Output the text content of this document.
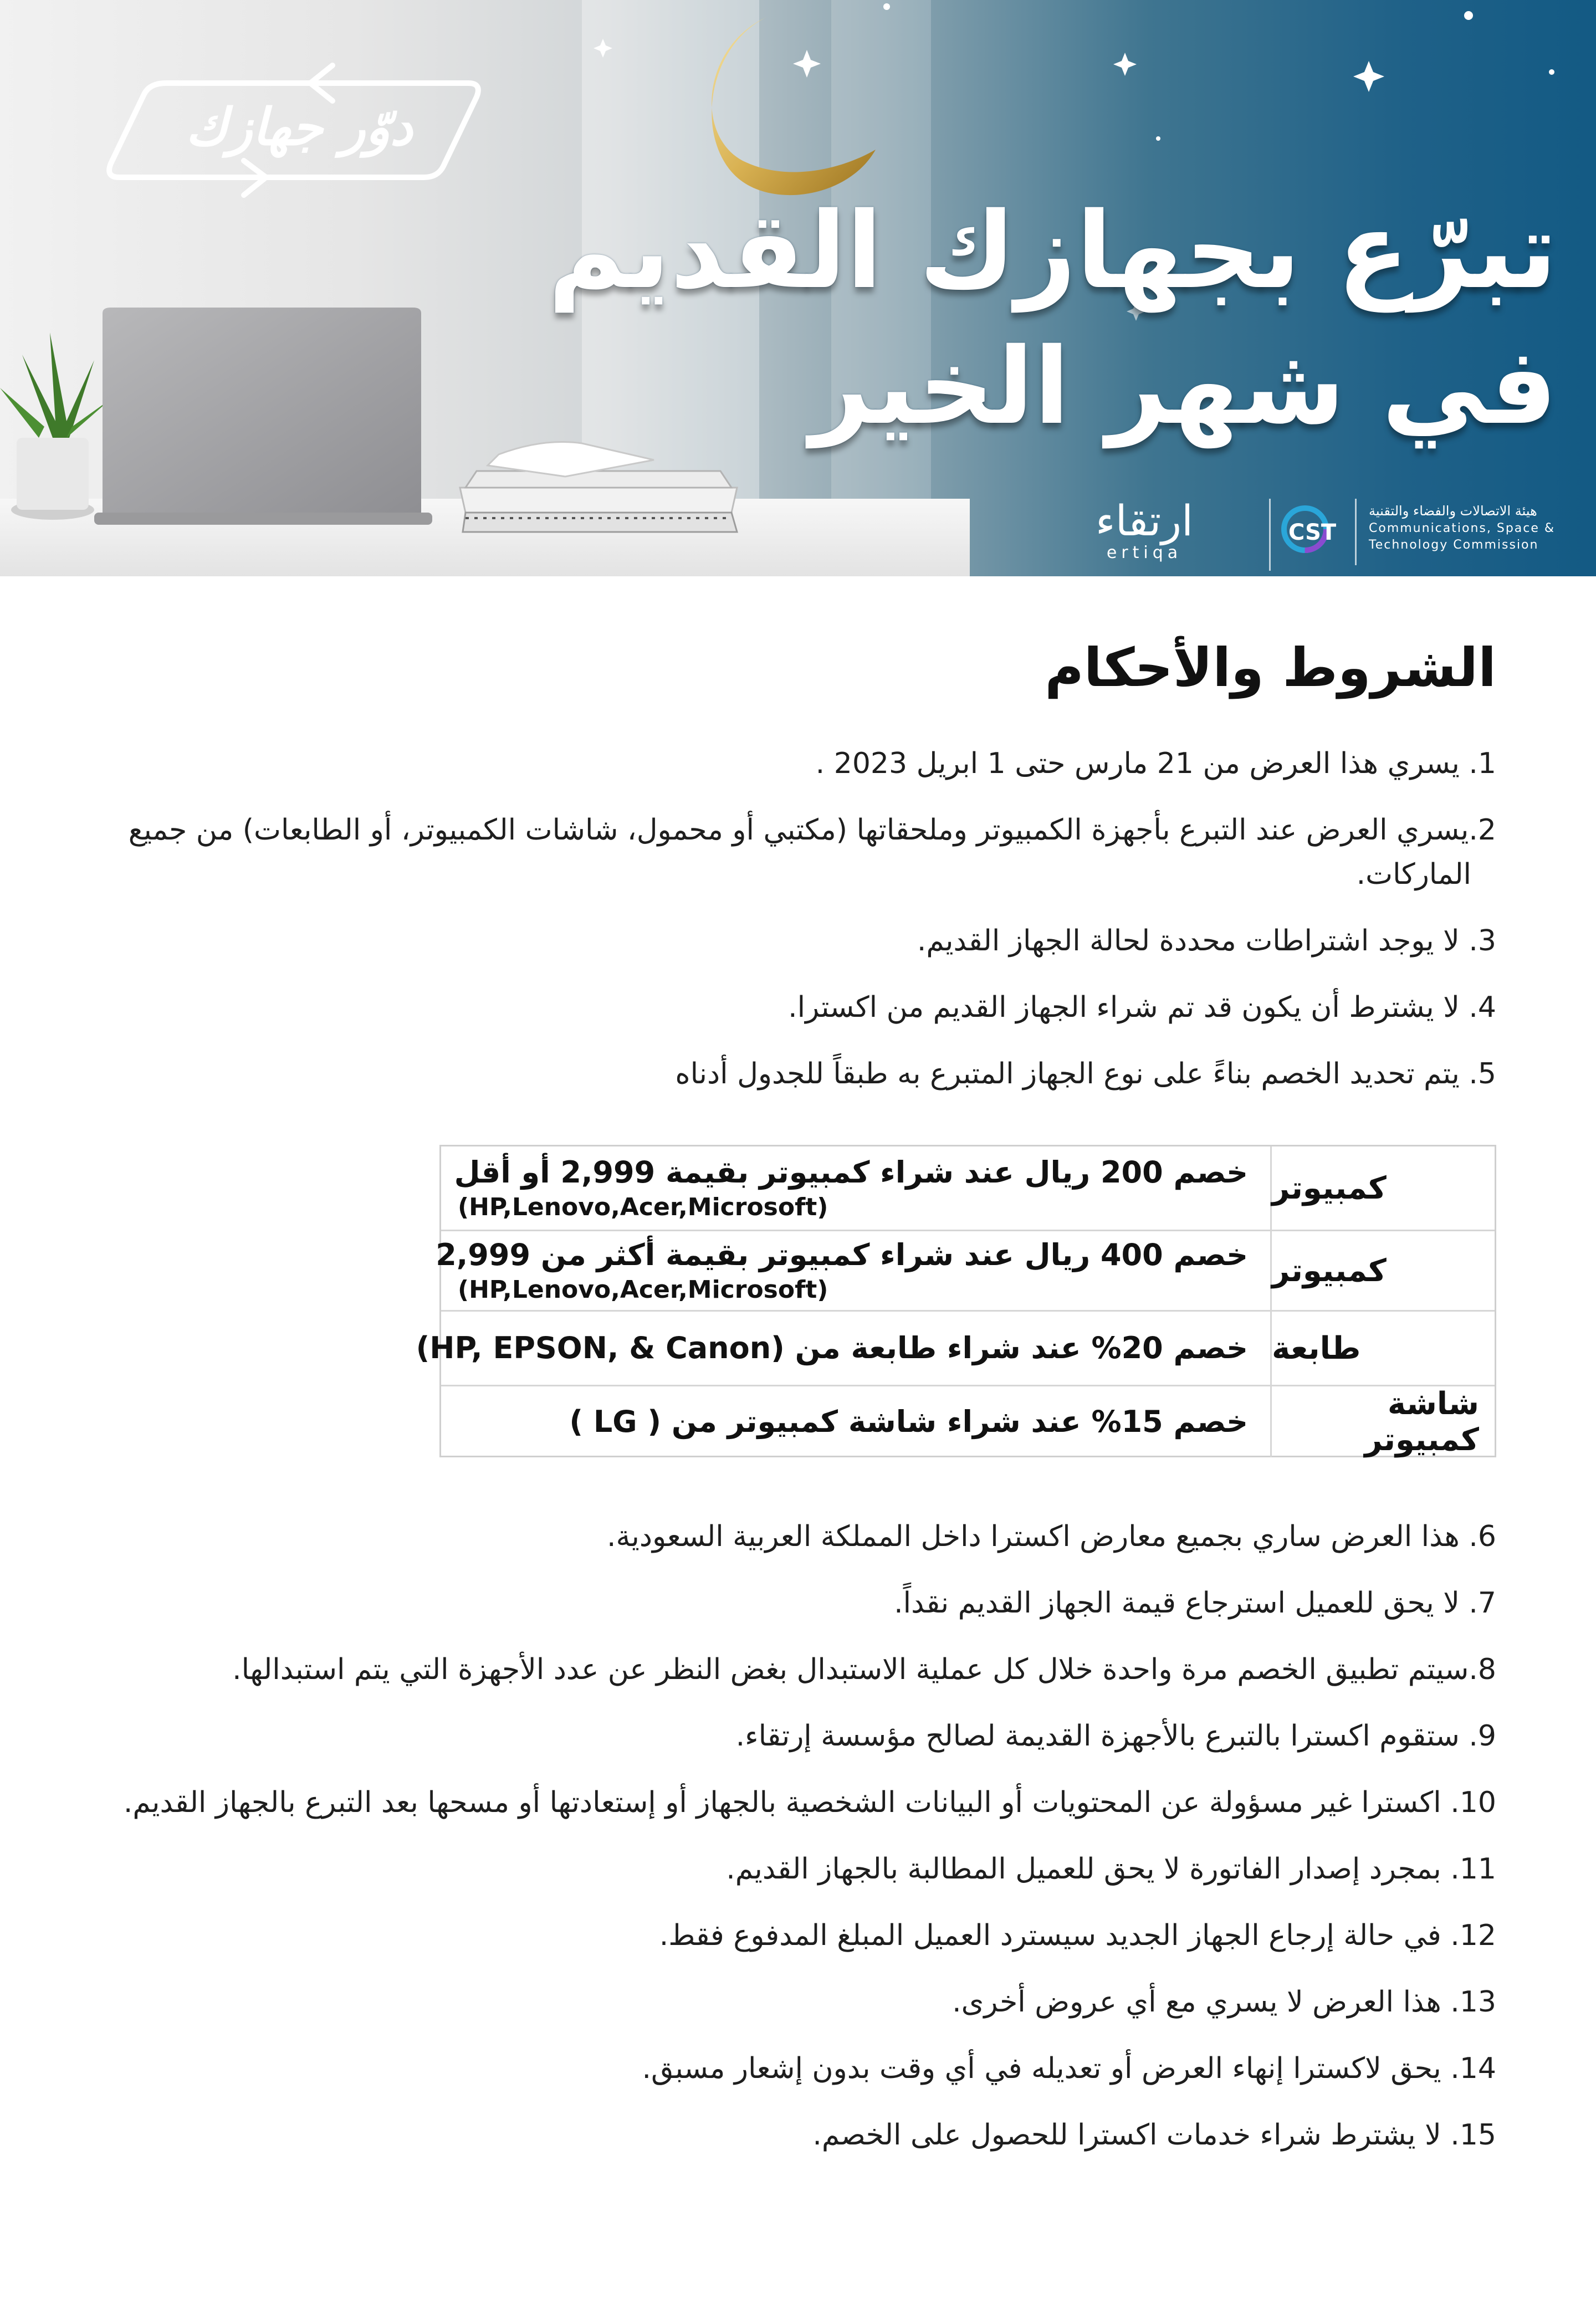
دوّر جهازك
تبرّع بجهازك القديم
في شهر الخير
ارتقاء
ertiqa
CST
هيئة الاتصالات والفضاء والتقنية
Communications, Space &
Technology Commission
الشروط والأحكام
1. يسري هذا العرض من 21 مارس حتى 1 ابريل 2023 .
2.يسري العرض عند التبرع بأجهزة الكمبيوتر وملحقاتها (مكتبي أو محمول، شاشات الكمبيوتر، أو الطابعات) من جميع
الماركات.
3. لا يوجد اشتراطات محددة لحالة الجهاز القديم.
4. لا يشترط أن يكون قد تم شراء الجهاز القديم من اكسترا.
5. يتم تحديد الخصم بناءً على نوع الجهاز المتبرع به طبقاً للجدول أدناه
كمبيوتر
خصم 200 ريال عند شراء كمبيوتر بقيمة 2,999 أو أقل
(HP,Lenovo,Acer,Microsoft)
كمبيوتر
خصم 400 ريال عند شراء كمبيوتر بقيمة أكثر من 2,999
(HP,Lenovo,Acer,Microsoft)
طابعة
خصم 20% عند شراء طابعة من (HP, EPSON, & Canon)
شاشة كمبيوتر
خصم 15% عند شراء شاشة كمبيوتر من ( LG )
6. هذا العرض ساري بجميع معارض اكسترا داخل المملكة العربية السعودية.
7. لا يحق للعميل استرجاع قيمة الجهاز القديم نقداً.
8.سيتم تطبيق الخصم مرة واحدة خلال كل عملية الاستبدال بغض النظر عن عدد الأجهزة التي يتم استبدالها.
9. ستقوم اكسترا بالتبرع بالأجهزة القديمة لصالح مؤسسة إرتقاء.
10. اكسترا غير مسؤولة عن المحتويات أو البيانات الشخصية بالجهاز أو إستعادتها أو مسحها بعد التبرع بالجهاز القديم.
11. بمجرد إصدار الفاتورة لا يحق للعميل المطالبة بالجهاز القديم.
12. في حالة إرجاع الجهاز الجديد سيسترد العميل المبلغ المدفوع فقط.
13. هذا العرض لا يسري مع أي عروض أخرى.
14. يحق لاكسترا إنهاء العرض أو تعديله في أي وقت بدون إشعار مسبق.
15. لا يشترط شراء خدمات اكسترا للحصول على الخصم.
